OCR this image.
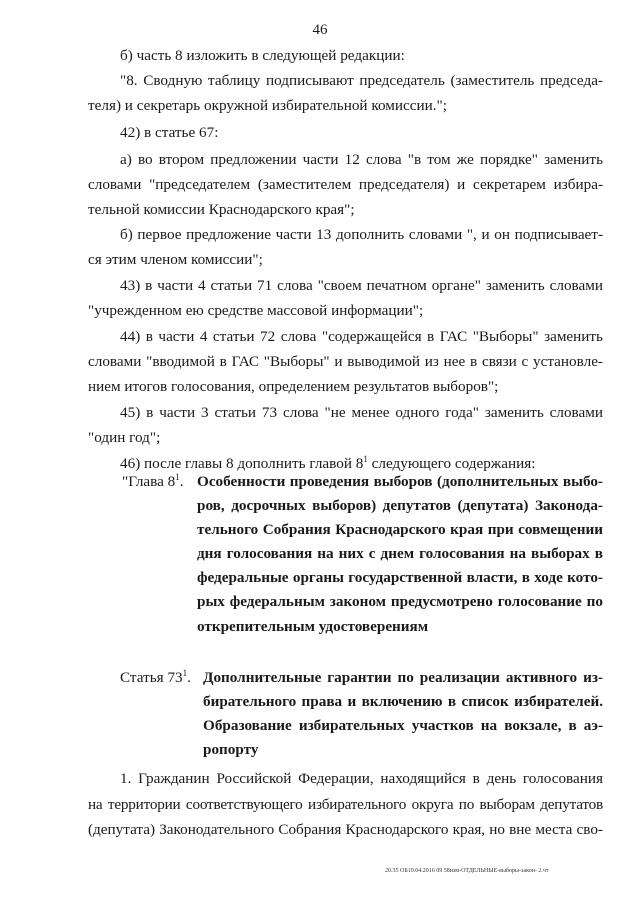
46
б) часть 8 изложить в следующей редакции:
"8. Сводную таблицу подписывают председатель (заместитель председа-
теля) и секретарь окружной избирательной комиссии.";
42) в статье 67:
а) во втором предложении части 12 слова "в том же порядке" заменить
словами "председателем (заместителем председателя) и секретарем избира-
тельной комиссии Краснодарского края";
б) первое предложение части 13 дополнить словами ", и он подписывает-
ся этим членом комиссии";
43) в части 4 статьи 71 слова "своем печатном органе" заменить словами
"учрежденном ею средстве массовой информации";
44) в части 4 статьи 72 слова "содержащейся в ГАС "Выборы" заменить
словами "вводимой в ГАС "Выборы" и выводимой из нее в связи с установле-
нием итогов голосования, определением результатов выборов";
45) в части 3 статьи 73 слова "не менее одного года" заменить словами
"один год";
46) после главы 8 дополнить главой $8^1$ следующего содержания:
"Глава $8^1$. Особенности проведения выборов (дополнительных выбо-
ров, досрочных выборов) депутатов (депутата) Законода-
тельного Собрания Краснодарского края при совмещении
дня голосования на них с днем голосования на выборах в
федеральные органы государственной власти, в ходе кото-
рых федеральным законом предусмотрено голосование по
открепительным удостоверениям
Статья $73^1$. Дополнительные гарантии по реализации активного из-
бирательного права и включению в список избирателей.
Образование избирательных участков на вокзале, в аэ-
ропорту
1. Гражданин Российской Федерации, находящийся в день голосования
на территории соответствующего избирательного округа по выборам депутатов
(депутата) Законодательного Собрания Краснодарского края, но вне места сво-
20.35 ОБ19.04.2016 09 58изм-ОТДЕЛЬНЫЕ-выборы-закон- 2.чт
